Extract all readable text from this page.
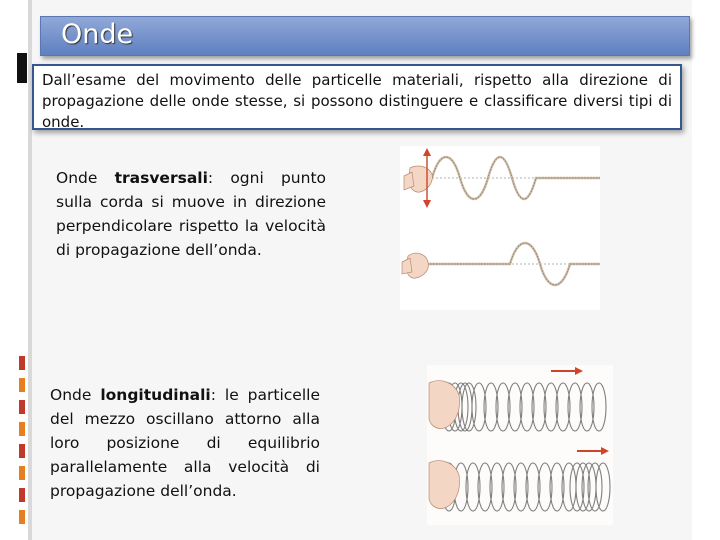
Onde

Dall’esame del movimento delle particelle materiali, rispetto alla direzione di propagazione delle onde stesse, si possono distinguere e classificare diversi tipi di onde.

Onde trasversali: ogni punto sulla corda si muove in direzione perpendicolare rispetto la velocità di propagazione dell’onda.
Onde longitudinali: le particelle del mezzo oscillano attorno alla loro posizione di equilibrio parallelamente alla velocità di propagazione dell’onda.
